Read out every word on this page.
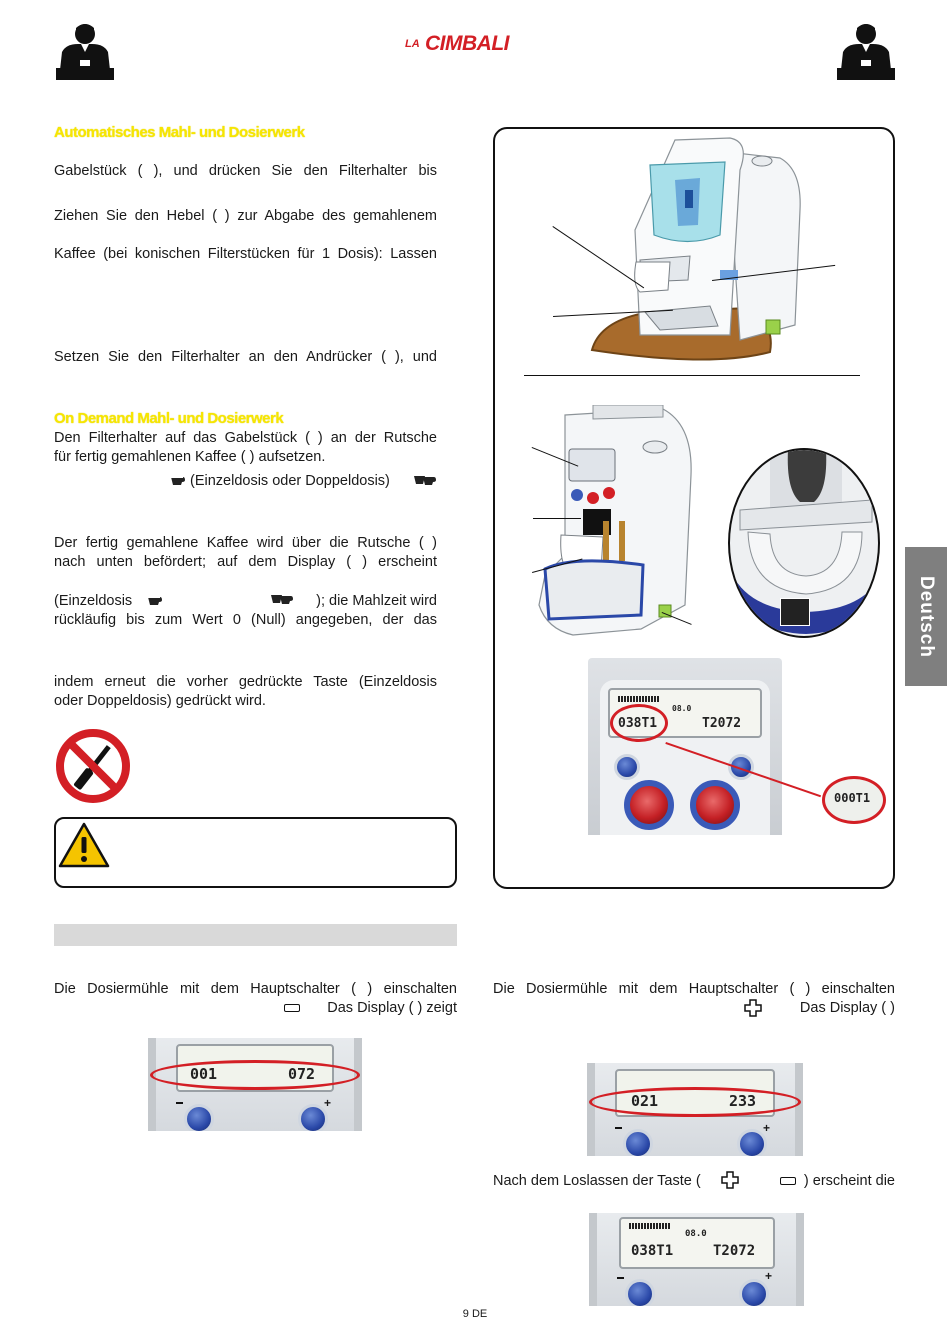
LA CIMBALI
Automatisches Mahl- und Dosierwerk
Gabelstück ( ), und drücken Sie den Filterhalter bis
Ziehen Sie den Hebel ( ) zur Abgabe des gemahlenem
Kaffee (bei konischen Filterstücken für 1 Dosis): Lassen
Setzen Sie den Filterhalter an den Andrücker ( ), und
On Demand Mahl- und Dosierwerk
Den Filterhalter auf das Gabelstück ( ) an der Rutsche
für fertig gemahlenen Kaffee ( ) aufsetzen.
(Einzeldosis oder Doppeldosis)
Der fertig gemahlene Kaffee wird über die Rutsche ( )
nach unten befördert; auf dem Display ( ) erscheint
(Einzeldosis	); die Mahlzeit wird
rückläufig bis zum Wert 0 (Null) angegeben, der das
indem erneut die vorher gedrückte Taste (Einzeldosis
oder Doppeldosis) gedrückt wird.
Die Dosiermühle mit dem Hauptschalter ( ) einschalten
Das Display ( ) zeigt
001	072
+
08.0
038T1	T2072
000T1
Die Dosiermühle mit dem Hauptschalter ( ) einschalten
Das Display ( )
021	233
+
Nach dem Loslassen der Taste (	) erscheint die
08.0
038T1	T2072
+
Deutsch
9 DE
